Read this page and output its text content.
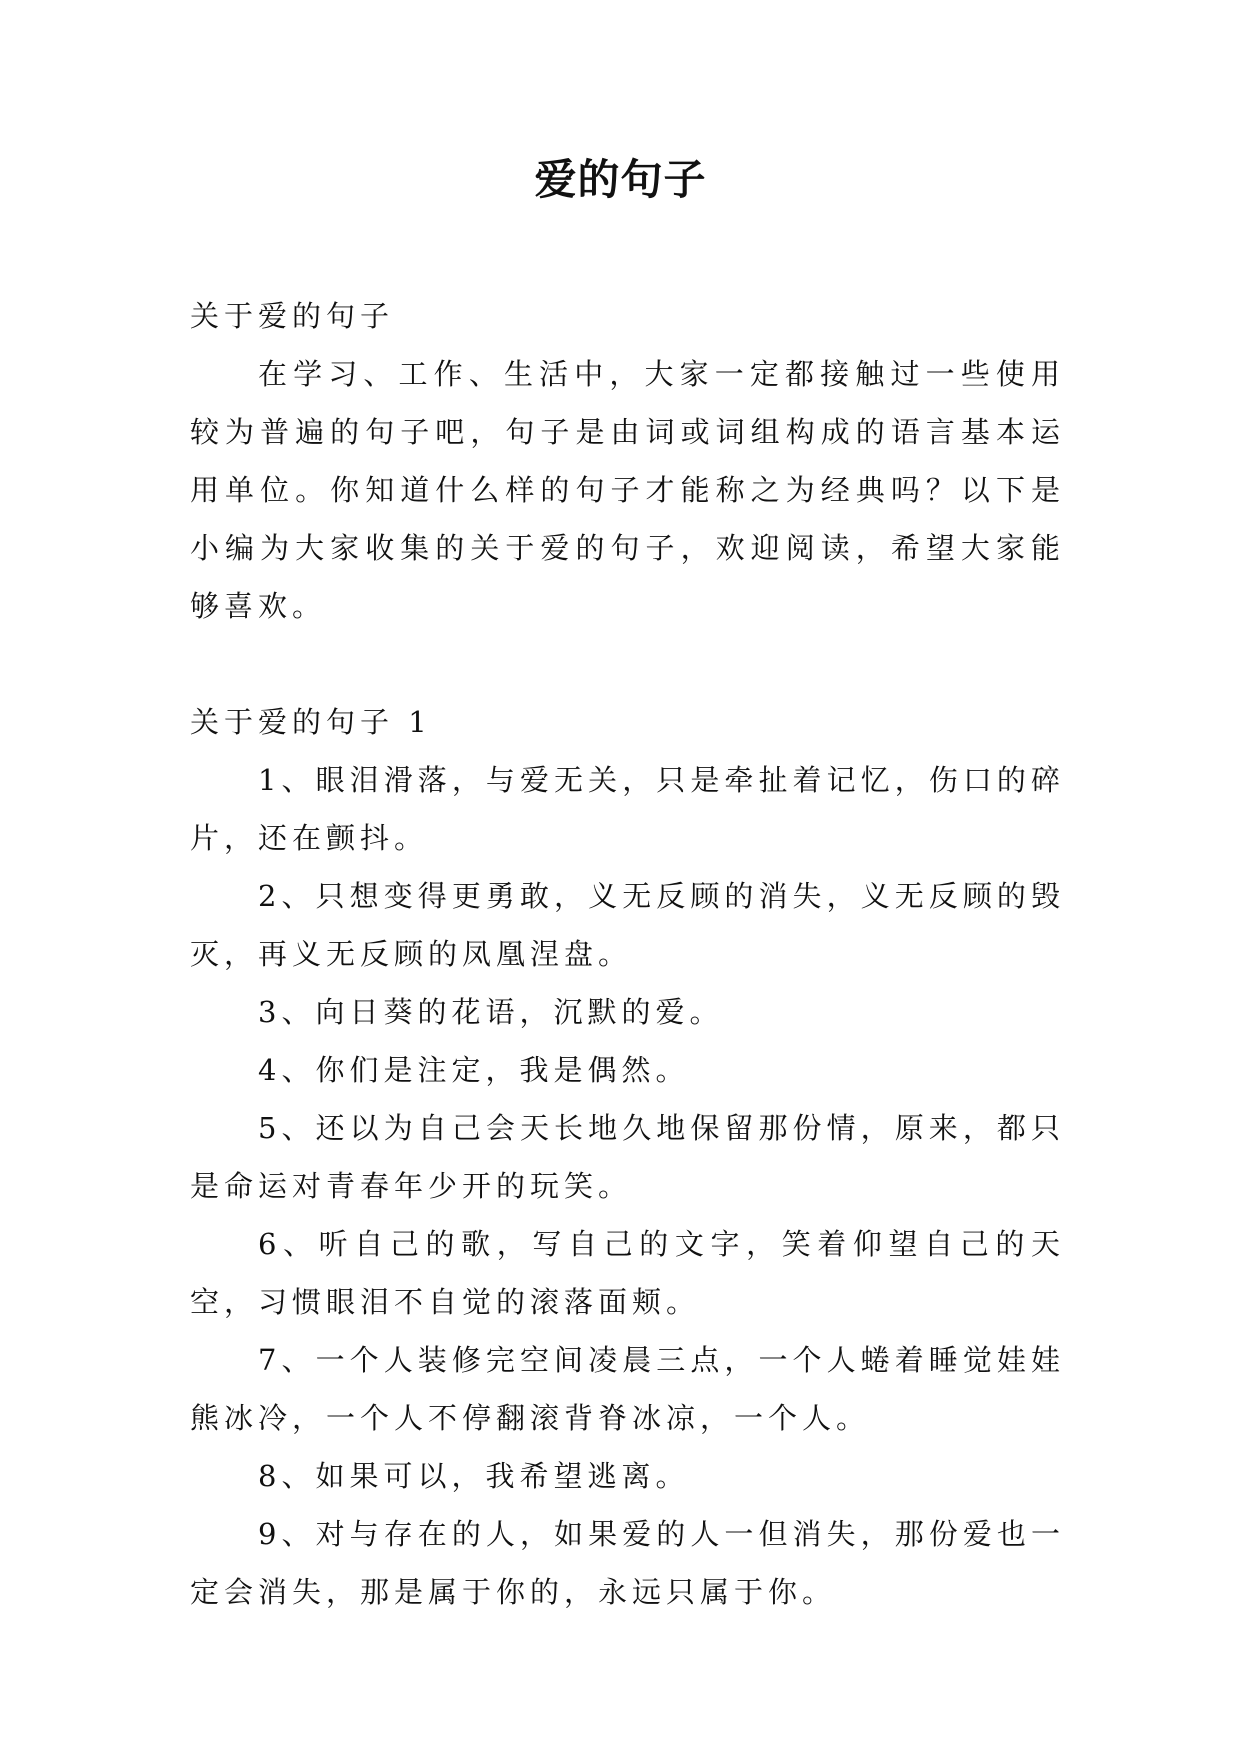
爱的句子

关于爱的句子

在学习、工作、生活中，大家一定都接触过一些使用较为普遍的句子吧，句子是由词或词组构成的语言基本运用单位。你知道什么样的句子才能称之为经典吗？以下是小编为大家收集的关于爱的句子，欢迎阅读，希望大家能够喜欢。

关于爱的句子 1

1、眼泪滑落，与爱无关，只是牵扯着记忆，伤口的碎片，还在颤抖。

2、只想变得更勇敢，义无反顾的消失，义无反顾的毁灭，再义无反顾的凤凰涅盘。

3、向日葵的花语，沉默的爱。

4、你们是注定，我是偶然。

5、还以为自己会天长地久地保留那份情，原来，都只是命运对青春年少开的玩笑。

6、听自己的歌，写自己的文字，笑着仰望自己的天空，习惯眼泪不自觉的滚落面颊。

7、一个人装修完空间凌晨三点，一个人蜷着睡觉娃娃熊冰冷，一个人不停翻滚背脊冰凉，一个人。

8、如果可以，我希望逃离。

9、对与存在的人，如果爱的人一但消失，那份爱也一定会消失，那是属于你的，永远只属于你。
